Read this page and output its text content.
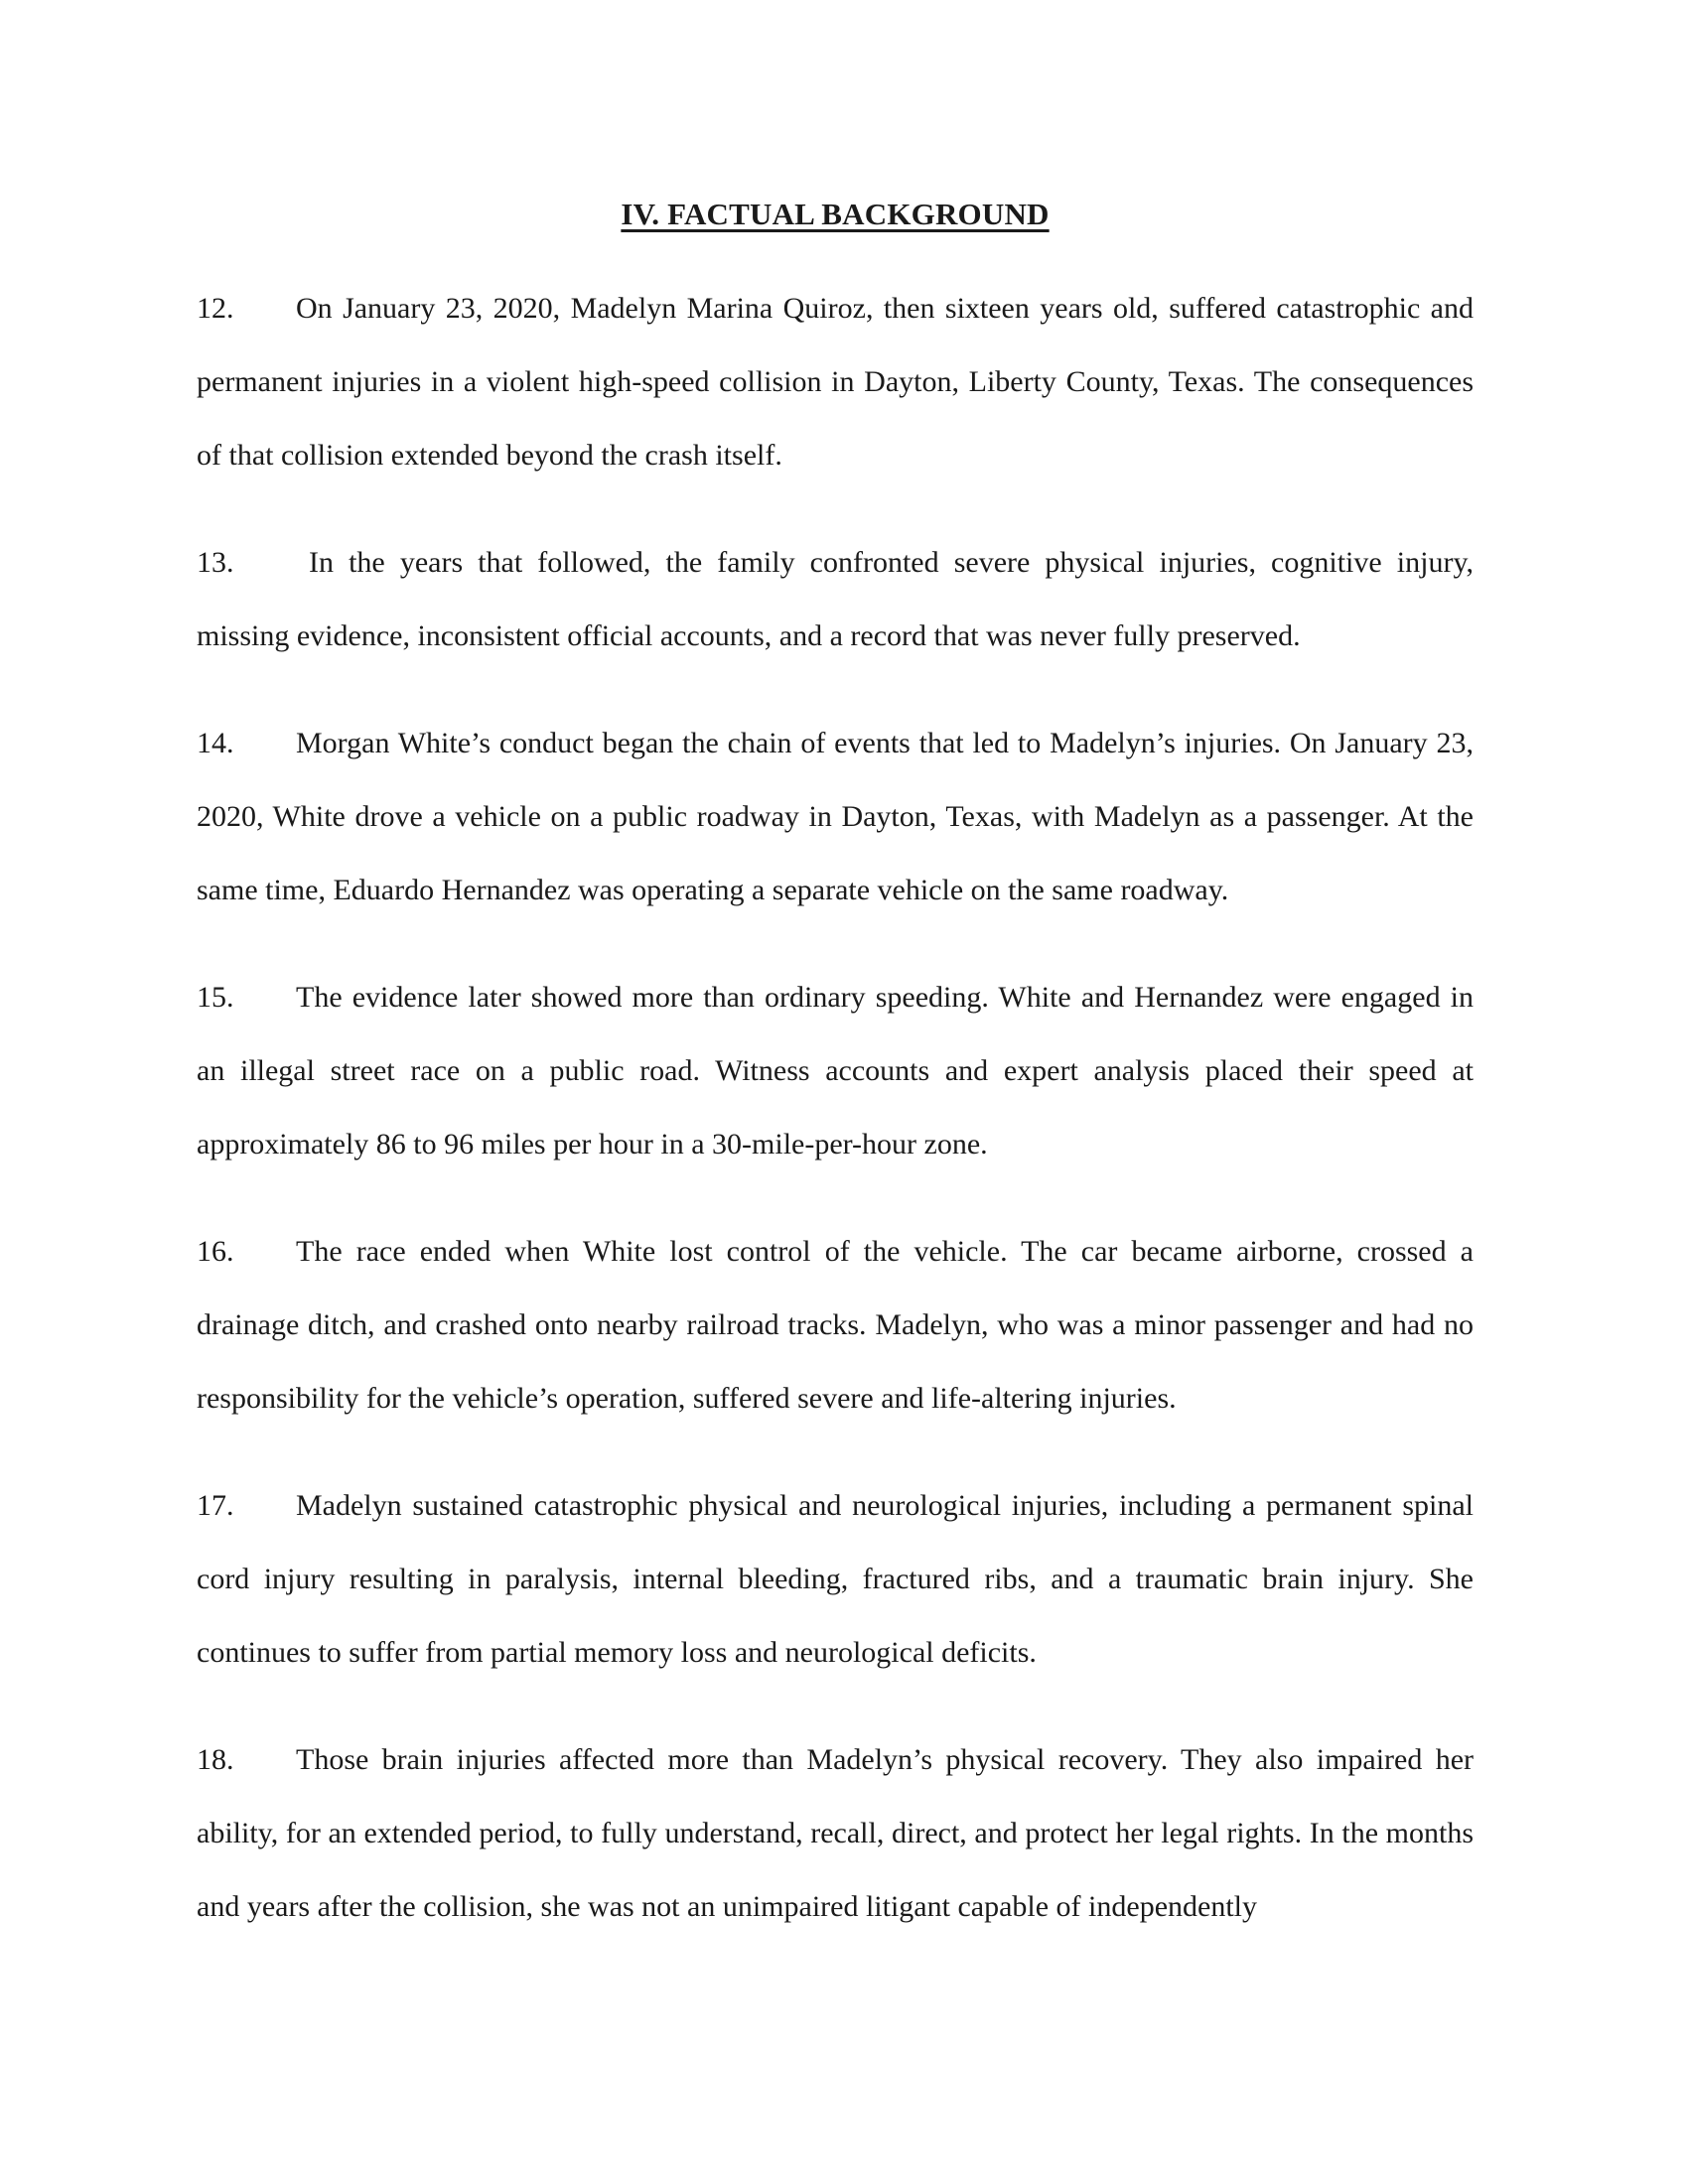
IV. FACTUAL BACKGROUND
12. On January 23, 2020, Madelyn Marina Quiroz, then sixteen years old, suffered catastrophic and permanent injuries in a violent high-speed collision in Dayton, Liberty County, Texas. The consequences of that collision extended beyond the crash itself.
13.	In the years that followed, the family confronted severe physical injuries, cognitive injury, missing evidence, inconsistent official accounts, and a record that was never fully preserved.
14. Morgan White’s conduct began the chain of events that led to Madelyn’s injuries. On January 23, 2020, White drove a vehicle on a public roadway in Dayton, Texas, with Madelyn as a passenger. At the same time, Eduardo Hernandez was operating a separate vehicle on the same roadway.
15. The evidence later showed more than ordinary speeding. White and Hernandez were engaged in an illegal street race on a public road. Witness accounts and expert analysis placed their speed at approximately 86 to 96 miles per hour in a 30-mile-per-hour zone.
16. The race ended when White lost control of the vehicle. The car became airborne, crossed a drainage ditch, and crashed onto nearby railroad tracks. Madelyn, who was a minor passenger and had no responsibility for the vehicle’s operation, suffered severe and life-altering injuries.
17. Madelyn sustained catastrophic physical and neurological injuries, including a permanent spinal cord injury resulting in paralysis, internal bleeding, fractured ribs, and a traumatic brain injury. She continues to suffer from partial memory loss and neurological deficits.
18. Those brain injuries affected more than Madelyn’s physical recovery. They also impaired her ability, for an extended period, to fully understand, recall, direct, and protect her legal rights. In the months and years after the collision, she was not an unimpaired litigant capable of independently
